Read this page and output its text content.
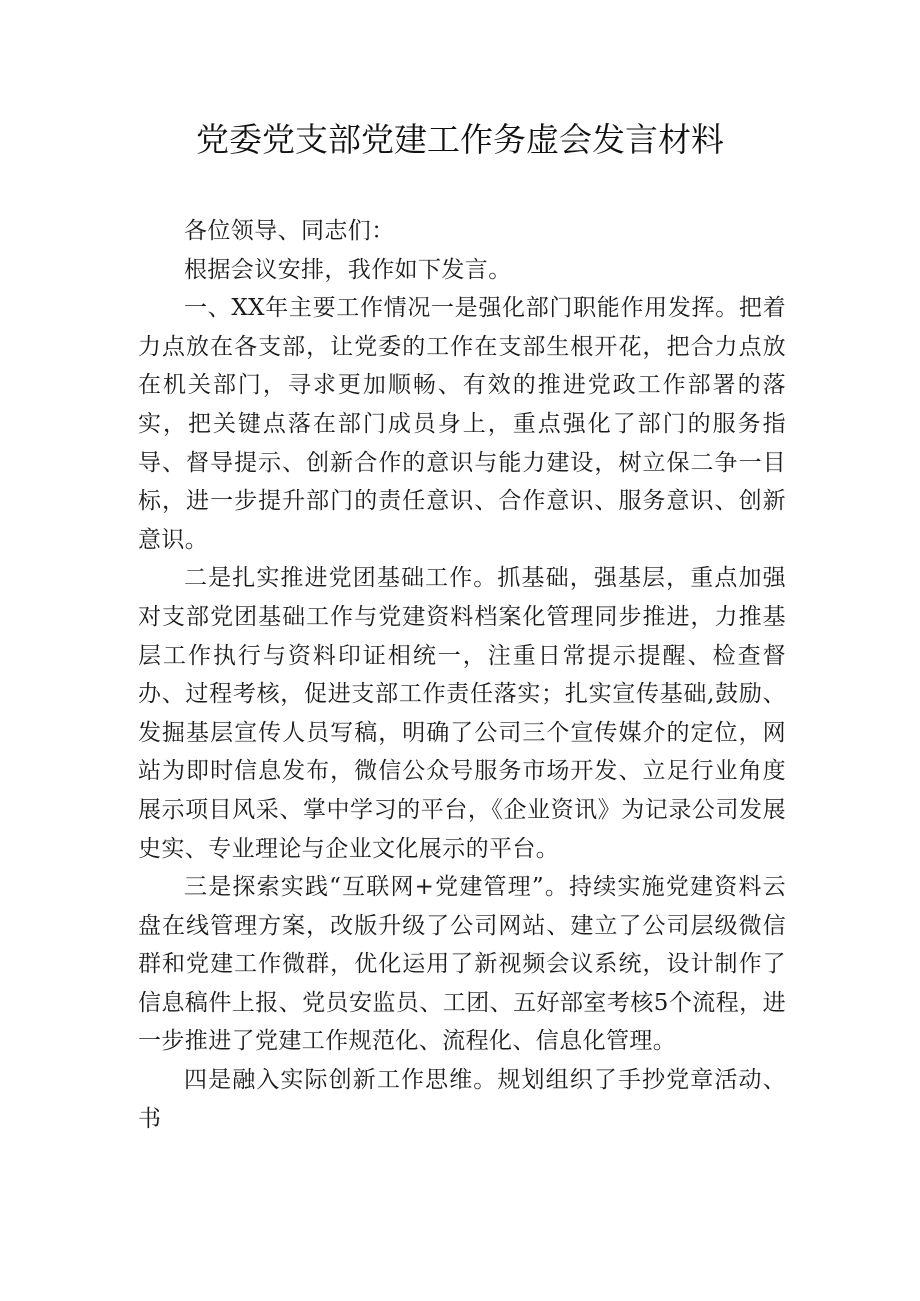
党委党支部党建工作务虚会发言材料

各位领导、同志们：

根据会议安排，我作如下发言。

一、XX年主要工作情况一是强化部门职能作用发挥。把着力点放在各支部，让党委的工作在支部生根开花，把合力点放在机关部门，寻求更加顺畅、有效的推进党政工作部署的落实，把关键点落在部门成员身上，重点强化了部门的服务指导、督导提示、创新合作的意识与能力建设，树立保二争一目标，进一步提升部门的责任意识、合作意识、服务意识、创新意识。

二是扎实推进党团基础工作。抓基础，强基层，重点加强对支部党团基础工作与党建资料档案化管理同步推进，力推基层工作执行与资料印证相统一，注重日常提示提醒、检查督办、过程考核，促进支部工作责任落实；扎实宣传基础,鼓励、发掘基层宣传人员写稿，明确了公司三个宣传媒介的定位，网站为即时信息发布，微信公众号服务市场开发、立足行业角度展示项目风采、掌中学习的平台，《企业资讯》为记录公司发展史实、专业理论与企业文化展示的平台。

三是探索实践“互联网+党建管理”。持续实施党建资料云盘在线管理方案，改版升级了公司网站、建立了公司层级微信群和党建工作微群，优化运用了新视频会议系统，设计制作了信息稿件上报、党员安监员、工团、五好部室考核5个流程，进一步推进了党建工作规范化、流程化、信息化管理。

四是融入实际创新工作思维。规划组织了手抄党章活动、书
